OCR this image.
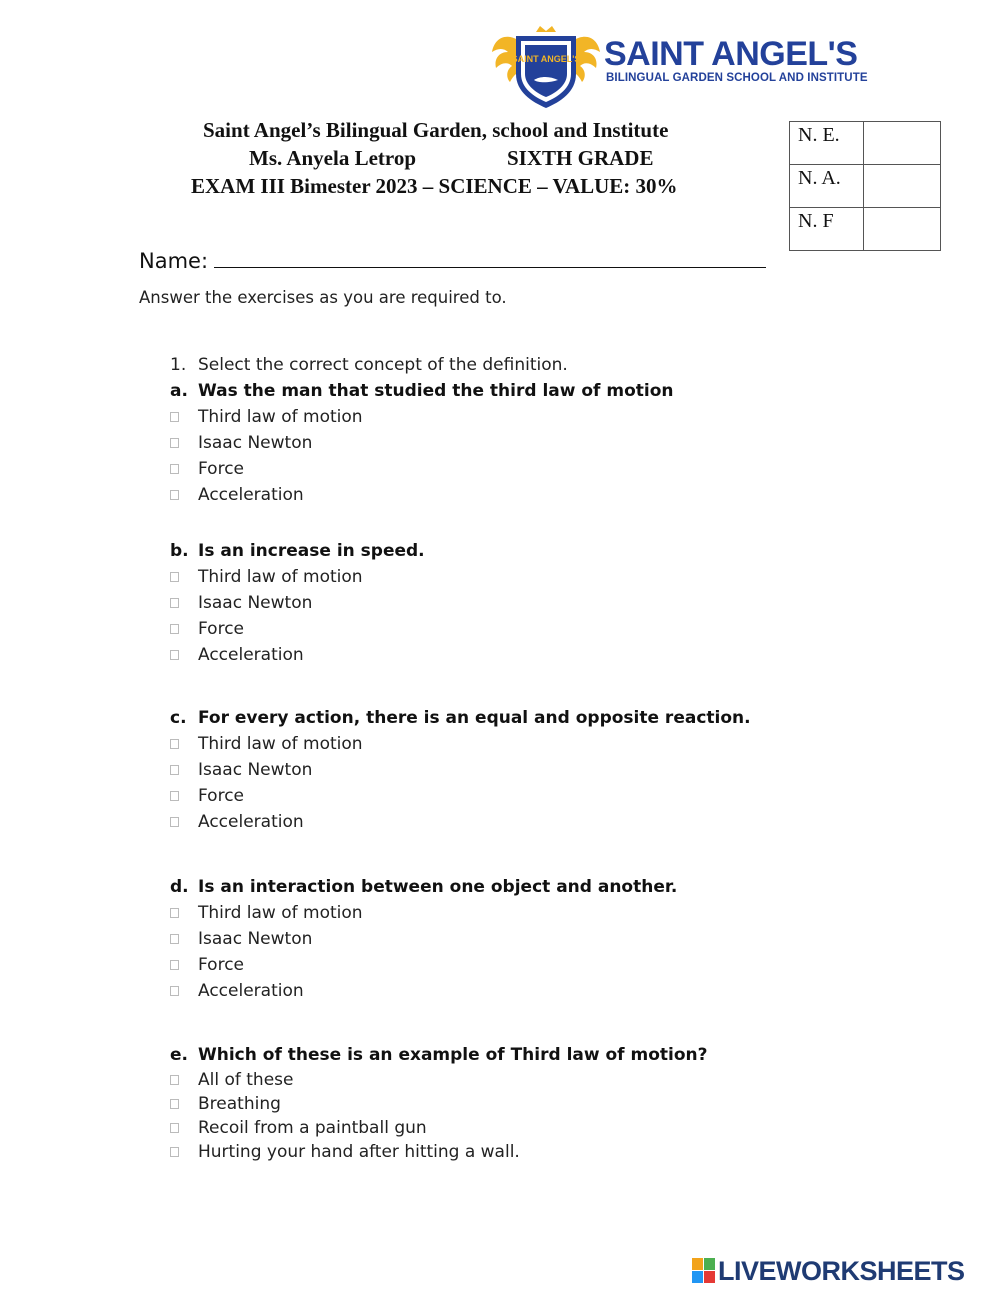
SAINT ANGEL'S SAINT ANGEL'S
BILINGUAL GARDEN SCHOOL AND INSTITUTE
Saint Angel’s Bilingual Garden, school and Institute
Ms. Anyela Letrop	SIXTH GRADE
EXAM III Bimester 2023 – SCIENCE – VALUE: 30%
N. E.	
N. A.	
N. F	
Name:
Answer the exercises as you are required to.
1. Select the correct concept of the definition.
a. Was the man that studied the third law of motion
Third law of motion
Isaac Newton
Force
Acceleration
b. Is an increase in speed.
Third law of motion
Isaac Newton
Force
Acceleration
c. For every action, there is an equal and opposite reaction.
Third law of motion
Isaac Newton
Force
Acceleration
d. Is an interaction between one object and another.
Third law of motion
Isaac Newton
Force
Acceleration
e. Which of these is an example of Third law of motion?
All of these
Breathing
Recoil from a paintball gun
Hurting your hand after hitting a wall.
LIVEWORKSHEETS
